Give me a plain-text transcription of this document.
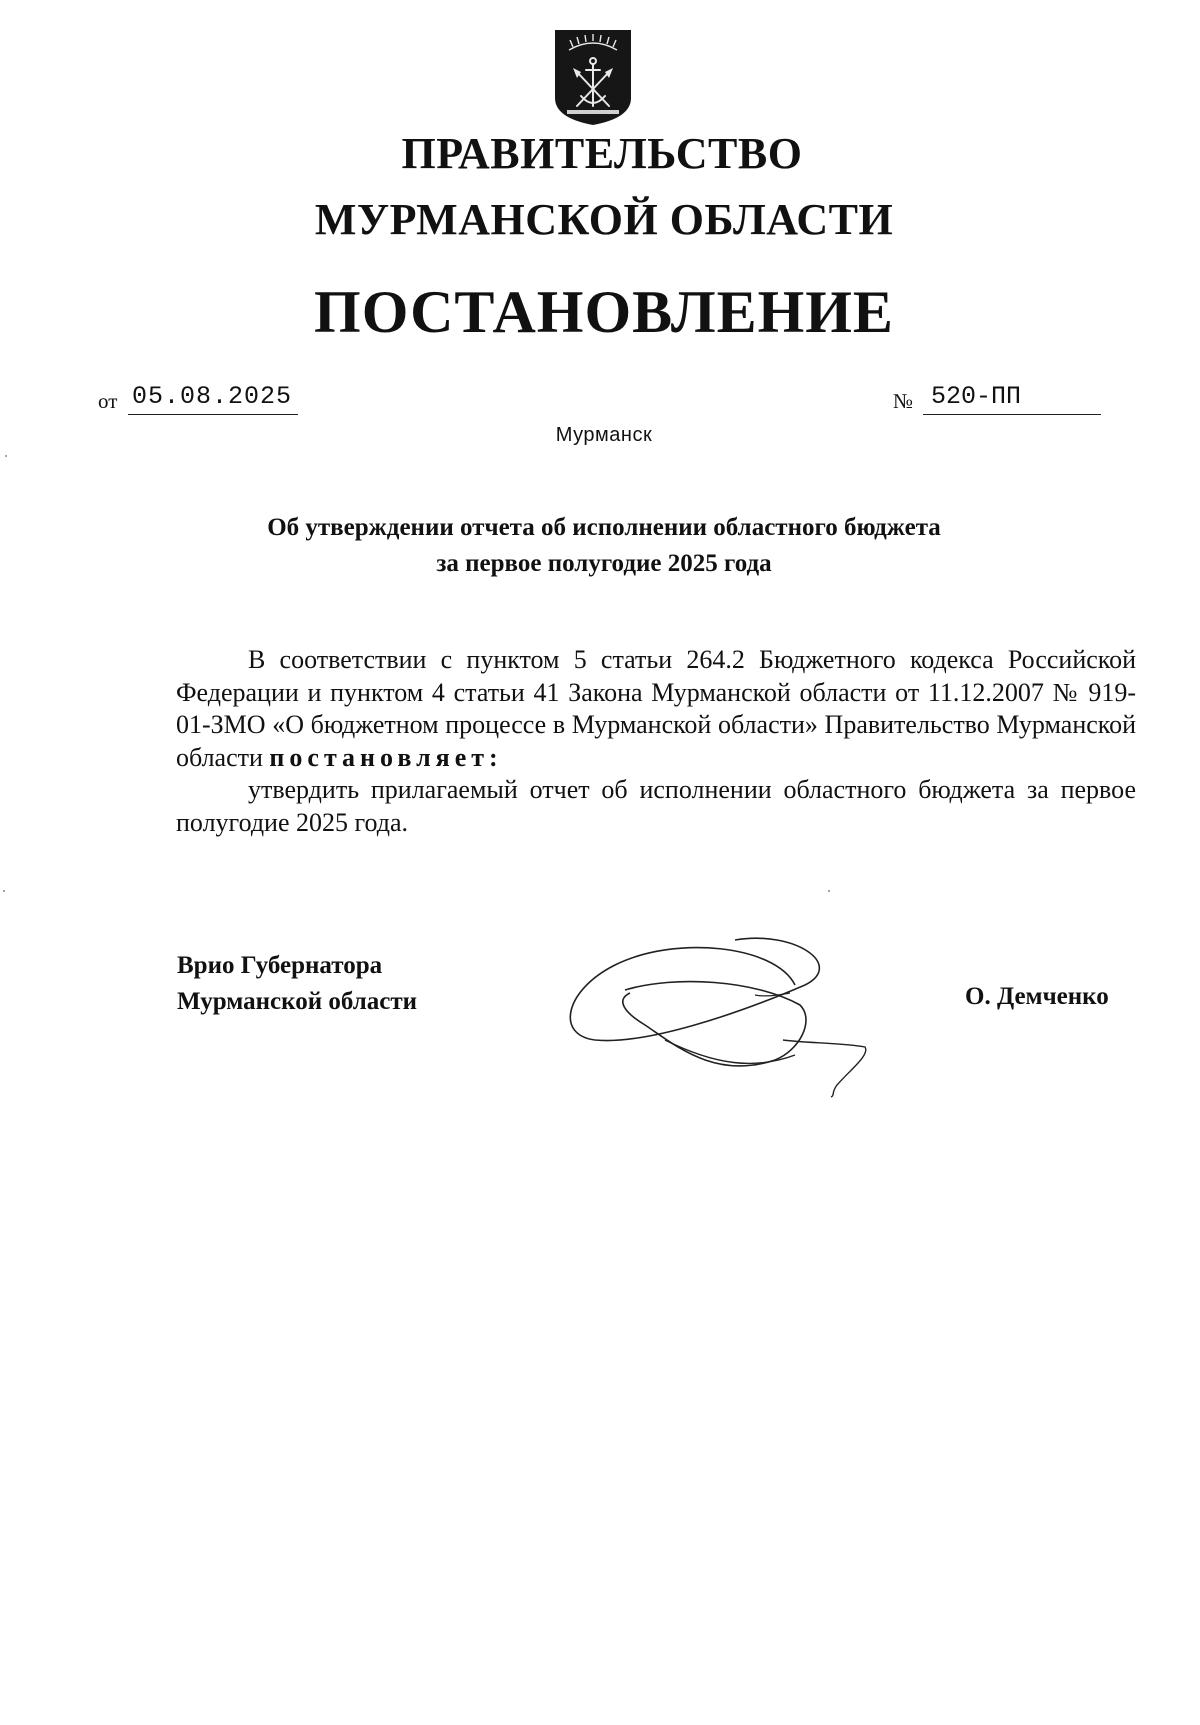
ПРАВИТЕЛЬСТВО
МУРМАНСКОЙ ОБЛАСТИ
ПОСТАНОВЛЕНИЕ
от 05.08.2025	№ 520-ПП
Мурманск
Об утверждении отчета об исполнении областного бюджета
за первое полугодие 2025 года

В соответствии с пунктом 5 статьи 264.2 Бюджетного кодекса Российской Федерации и пунктом 4 статьи 41 Закона Мурманской области от 11.12.2007 № 919-01-ЗМО «О бюджетном процессе в Мурманской области» Правительство Мурманской области постановляет:

утвердить прилагаемый отчет об исполнении областного бюджета за первое полугодие 2025 года.

Врио Губернатора
Мурманской области	О. Демченко
